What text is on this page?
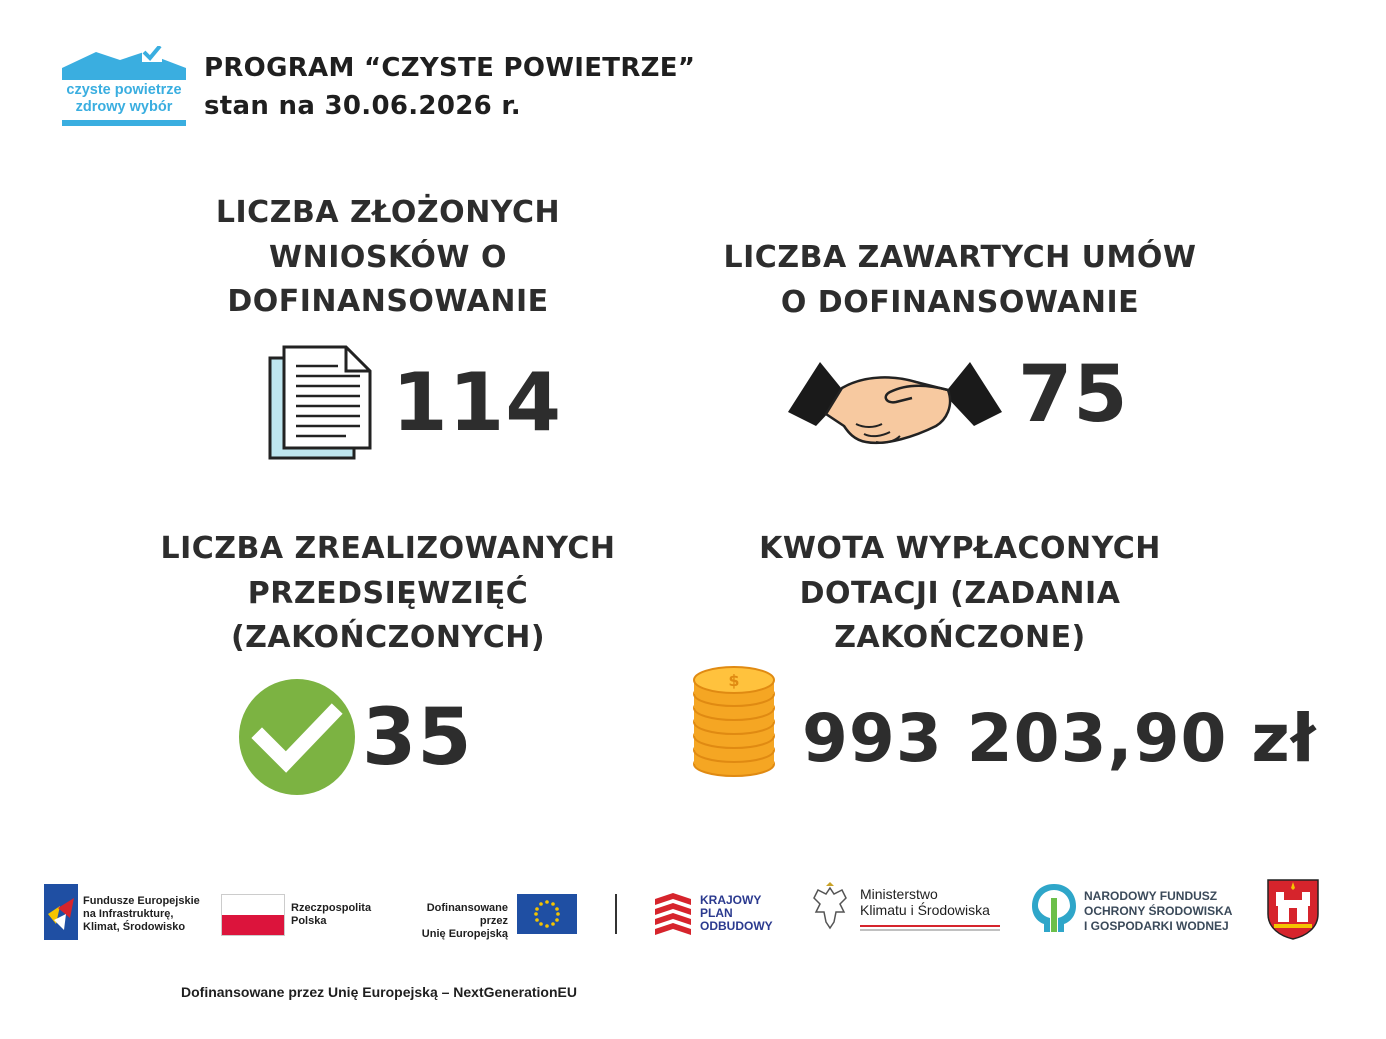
czyste powietrze
zdrowy wybór
PROGRAM “CZYSTE POWIETRZE”
stan na 30.06.2026 r.
LICZBA ZŁOŻONYCH
WNIOSKÓW O
DOFINANSOWANIE
114
LICZBA ZAWARTYCH UMÓW
O DOFINANSOWANIE
75
LICZBA ZREALIZOWANYCH
PRZEDSIĘWZIĘĆ
(ZAKOŃCZONYCH)
35
KWOTA WYPŁACONYCH
DOTACJI (ZADANIA
ZAKOŃCZONE)
$
993 203,90 zł
Fundusze Europejskie
na Infrastrukturę,
Klimat, Środowisko
Rzeczpospolita
Polska
Dofinansowane przez
Unię Europejską
KRAJOWY
PLAN
ODBUDOWY
Ministerstwo
Klimatu i Środowiska
NARODOWY FUNDUSZ
OCHRONY ŚRODOWISKA
I GOSPODARKI WODNEJ
Dofinansowane przez Unię Europejską – NextGenerationEU
